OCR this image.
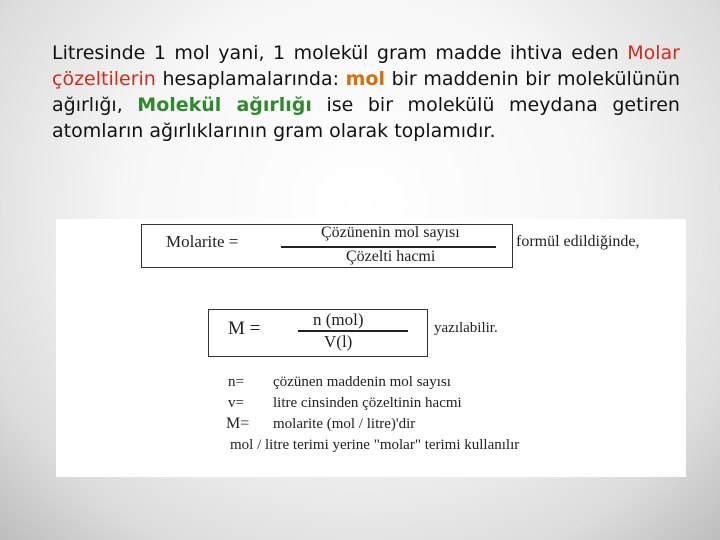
Litresinde 1 mol yani, 1 molekül gram madde ihtiva eden Molar çözeltilerin hesaplamalarında: mol bir maddenin bir molekülünün ağırlığı, Molekül ağırlığı ise bir molekülü meydana getiren atomların ağırlıklarının gram olarak toplamıdır.

Molarite =	Çözünenin mol sayısı
Çözelti hacmi
formül edildiğinde,
M =	n (mol)
V(l)
yazılabilir.
n= çözünen maddenin mol sayısı
v= litre cinsinden çözeltinin hacmi
M= molarite (mol / litre)'dir
mol / litre terimi yerine "molar" terimi kullanılır
